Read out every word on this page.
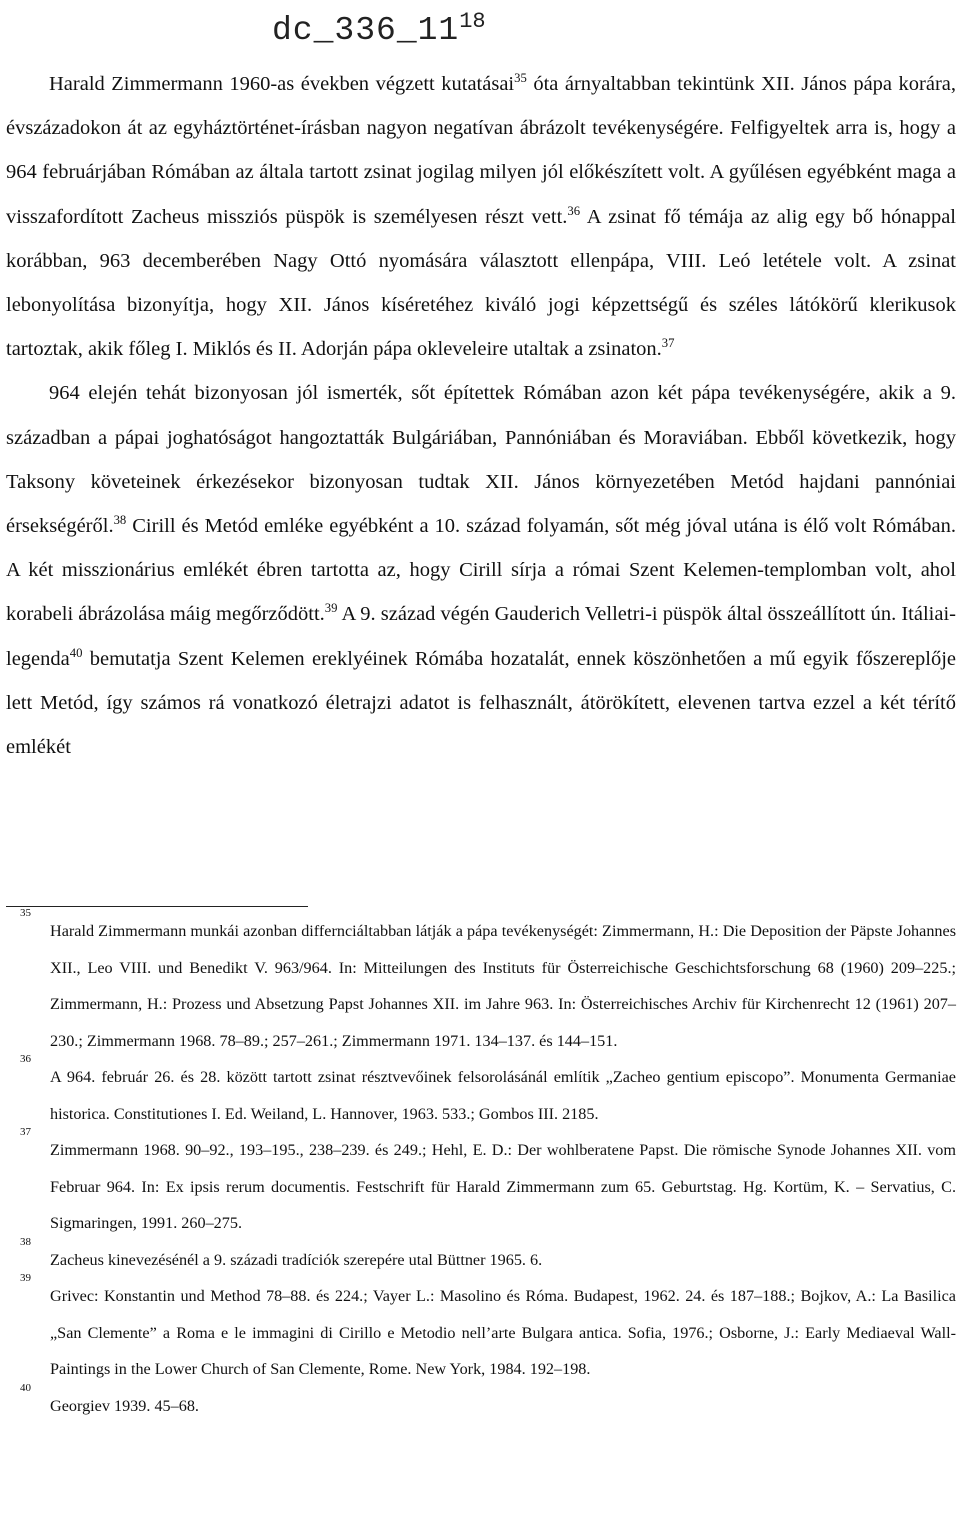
$dc\_336\_11^{18}$

Harald Zimmermann 1960-as években végzett kutatásai$^{35}$ óta árnyaltabban tekintünk XII. János pápa korára, évszázadokon át az egyháztörténet-írásban nagyon negatívan ábrázolt tevékenységére. Felfigyeltek arra is, hogy a 964 februárjában Rómában az általa tartott zsinat jogilag milyen jól előkészített volt. A gyűlésen egyébként maga a visszafordított Zacheus missziós püspök is személyesen részt vett.$^{36}$ A zsinat fő témája az alig egy bő hónappal korábban, 963 decemberében Nagy Ottó nyomására választott ellenpápa, VIII. Leó letétele volt. A zsinat lebonyolítása bizonyítja, hogy XII. János kíséretéhez kiváló jogi képzettségű és széles látókörű klerikusok tartoztak, akik főleg I. Miklós és II. Adorján pápa okleveleire utaltak a zsinaton.$^{37}$

964 elején tehát bizonyosan jól ismerték, sőt építettek Rómában azon két pápa tevékenységére, akik a 9. században a pápai joghatóságot hangoztatták Bulgáriában, Pannóniában és Moraviában. Ebből következik, hogy Taksony követeinek érkezésekor bizonyosan tudtak XII. János környezetében Metód hajdani pannóniai érsekségéről.$^{38}$ Cirill és Metód emléke egyébként a 10. század folyamán, sőt még jóval utána is élő volt Rómában. A két misszionárius emlékét ébren tartotta az, hogy Cirill sírja a római Szent Kelemen-templomban volt, ahol korabeli ábrázolása máig megőrződött.$^{39}$ A 9. század végén Gauderich Velletri-i püspök által összeállított ún. Itáliai-legenda$^{40}$ bemutatja Szent Kelemen ereklyéinek Rómába hozatalát, ennek köszönhetően a mű egyik főszereplője lett Metód, így számos rá vonatkozó életrajzi adatot is felhasznált, átörökített, elevenen tartva ezzel a két térítő emlékét

35
Harald Zimmermann munkái azonban differnciáltabban látják a pápa tevékenységét: Zimmermann, H.: Die Deposition der Päpste Johannes XII., Leo VIII. und Benedikt V. 963/964. In: Mitteilungen des Instituts für Österreichische Geschichtsforschung 68 (1960) 209–225.; Zimmermann, H.: Prozess und Absetzung Papst Johannes XII. im Jahre 963. In: Österreichisches Archiv für Kirchenrecht 12 (1961) 207–230.; Zimmermann 1968. 78–89.; 257–261.; Zimmermann 1971. 134–137. és 144–151.
36
A 964. február 26. és 28. között tartott zsinat résztvevőinek felsorolásánál említik „Zacheo gentium episcopo”. Monumenta Germaniae historica. Constitutiones I. Ed. Weiland, L. Hannover, 1963. 533.; Gombos III. 2185.
37
Zimmermann 1968. 90–92., 193–195., 238–239. és 249.; Hehl, E. D.: Der wohlberatene Papst. Die römische Synode Johannes XII. vom Februar 964. In: Ex ipsis rerum documentis. Festschrift für Harald Zimmermann zum 65. Geburtstag. Hg. Kortüm, K. – Servatius, C. Sigmaringen, 1991. 260–275.
38
Zacheus kinevezésénél a 9. századi tradíciók szerepére utal Büttner 1965. 6.
39
Grivec: Konstantin und Method 78–88. és 224.; Vayer L.: Masolino és Róma. Budapest, 1962. 24. és 187–188.; Bojkov, A.: La Basilica „San Clemente” a Roma e le immagini di Cirillo e Metodio nell’arte Bulgara antica. Sofia, 1976.; Osborne, J.: Early Mediaeval Wall-Paintings in the Lower Church of San Clemente, Rome. New York, 1984. 192–198.
40
Georgiev 1939. 45–68.
